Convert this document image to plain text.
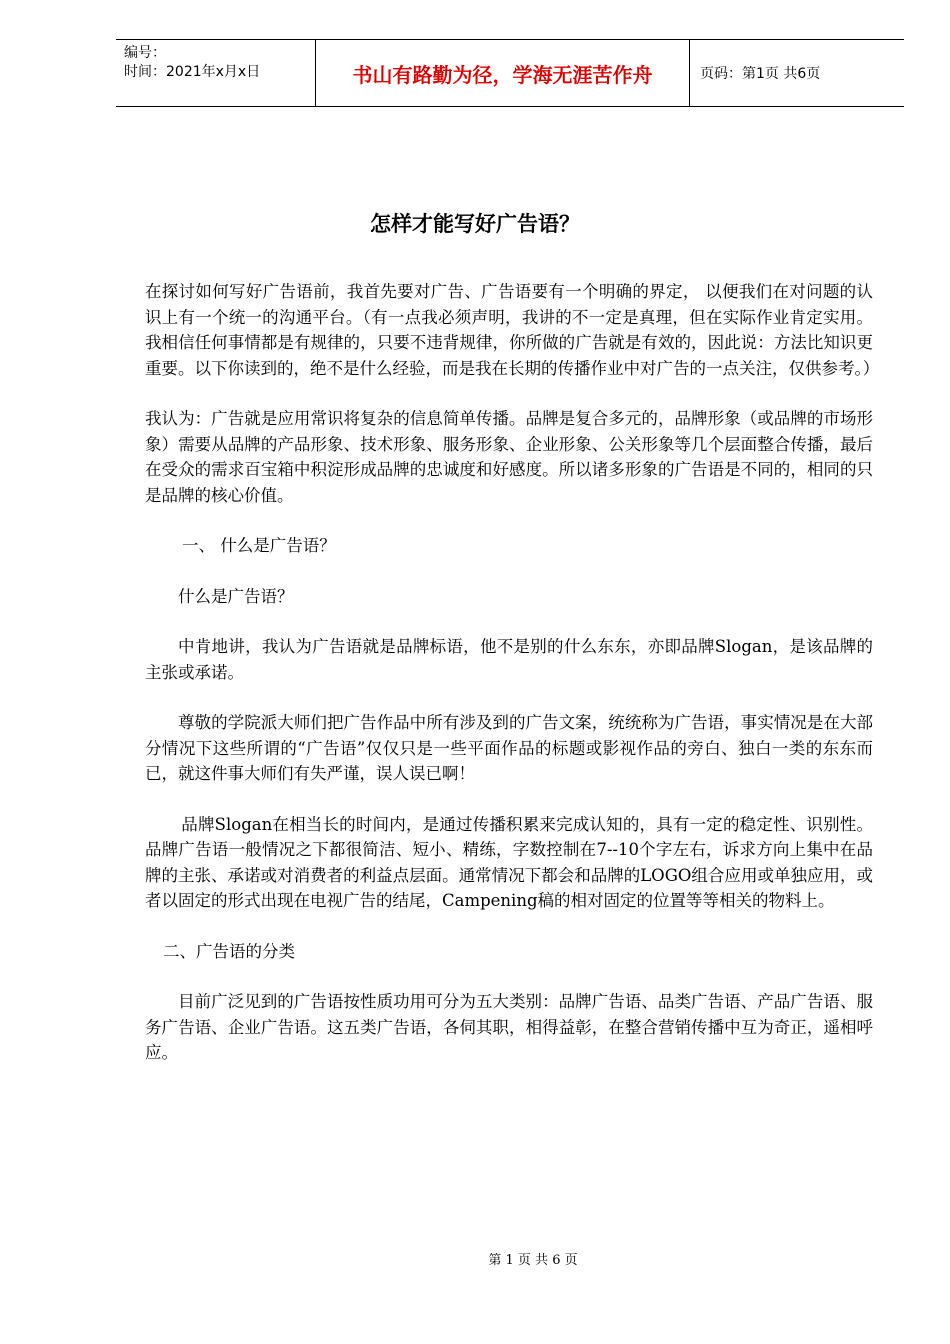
编号：
时间：2021年x月x日	书山有路勤为径，学海无涯苦作舟	页码：第1页 共6页
怎样才能写好广告语？

在探讨如何写好广告语前，我首先要对广告、广告语要有一个明确的界定， 以便我们在对问题的认识上有一个统一的沟通平台。（有一点我必须声明，我讲的不一定是真理，但在实际作业肯定实用。我相信任何事情都是有规律的，只要不违背规律，你所做的广告就是有效的，因此说：方法比知识更重要。以下你读到的，绝不是什么经验，而是我在长期的传播作业中对广告的一点关注，仅供参考。）

我认为：广告就是应用常识将复杂的信息简单传播。品牌是复合多元的，品牌形象（或品牌的市场形象）需要从品牌的产品形象、技术形象、服务形象、企业形象、公关形象等几个层面整合传播，最后在受众的需求百宝箱中积淀形成品牌的忠诚度和好感度。所以诸多形象的广告语是不同的，相同的只是品牌的核心价值。

一、 什么是广告语？

什么是广告语？

中肯地讲，我认为广告语就是品牌标语，他不是别的什么东东，亦即品牌Slogan，是该品牌的主张或承诺。

尊敬的学院派大师们把广告作品中所有涉及到的广告文案，统统称为广告语，事实情况是在大部分情况下这些所谓的“广告语”仅仅只是一些平面作品的标题或影视作品的旁白、独白一类的东东而已，就这件事大师们有失严谨，误人误已啊！

品牌Slogan在相当长的时间内，是通过传播积累来完成认知的，具有一定的稳定性、识别性。品牌广告语一般情况之下都很简洁、短小、精练，字数控制在7--10个字左右，诉求方向上集中在品牌的主张、承诺或对消费者的利益点层面。通常情况下都会和品牌的LOGO组合应用或单独应用，或者以固定的形式出现在电视广告的结尾，Campening稿的相对固定的位置等等相关的物料上。

二、广告语的分类

目前广泛见到的广告语按性质功用可分为五大类别：品牌广告语、品类广告语、产品广告语、服务广告语、企业广告语。这五类广告语，各伺其职，相得益彰，在整合营销传播中互为奇正，遥相呼应。

第 1 页 共 6 页
